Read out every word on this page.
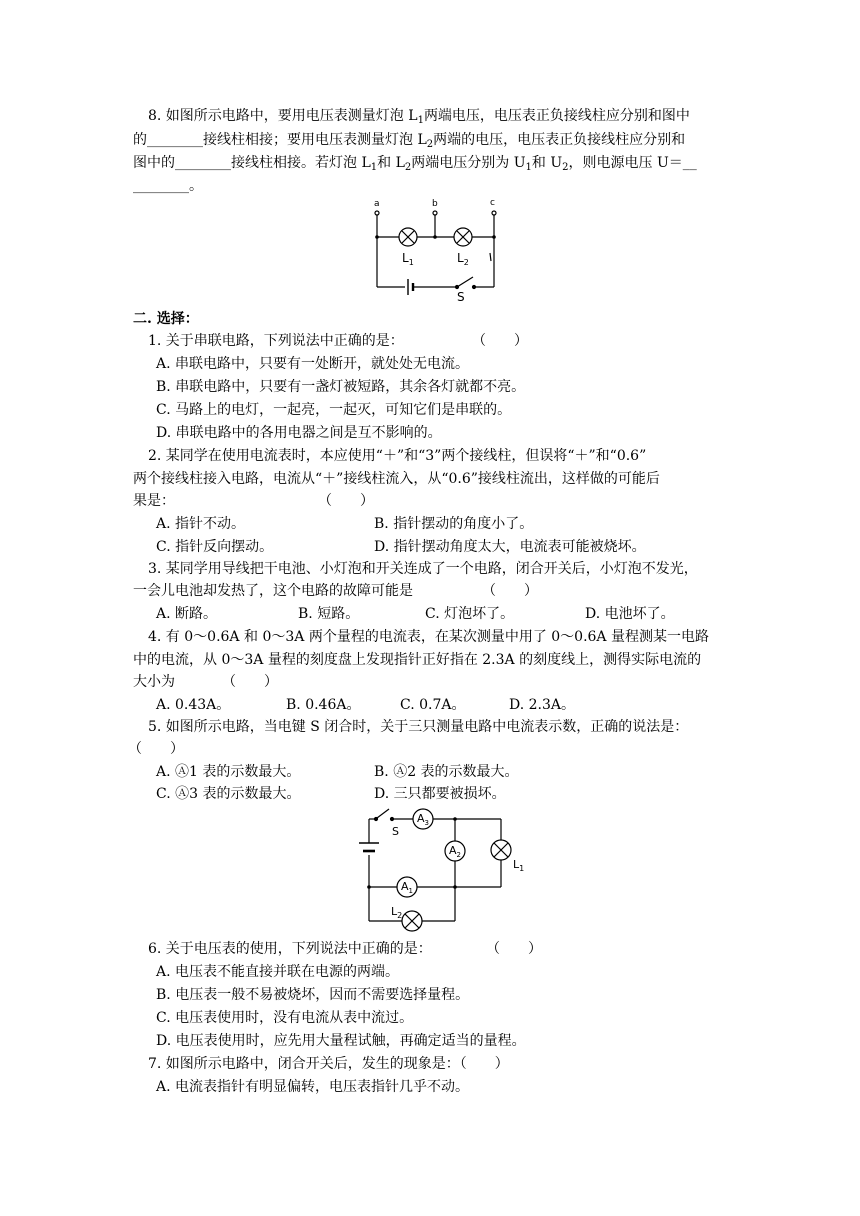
8. 如图所示电路中，要用电压表测量灯泡 $L_1$两端电压，电压表正负接线柱应分别和图中
的________接线柱相接；要用电压表测量灯泡 $L_2$两端的电压，电压表正负接线柱应分别和
图中的________接线柱相接。若灯泡 $L_1$和 $L_2$两端电压分别为 $U_1$和 $U_2$，则电源电压 U＝__
________。
a	b	c
$L_1$	$L_2$
S
二. 选择：
1. 关于串联电路，下列说法中正确的是：	（　　）
A. 串联电路中，只要有一处断开，就处处无电流。
B. 串联电路中，只要有一盏灯被短路，其余各灯就都不亮。
C. 马路上的电灯，一起亮，一起灭，可知它们是串联的。
D. 串联电路中的各用电器之间是互不影响的。
2. 某同学在使用电流表时，本应使用“＋”和“3”两个接线柱，但误将“＋”和“0.6”
两个接线柱接入电路，电流从“＋”接线柱流入，从“0.6”接线柱流出，这样做的可能后
果是：	（　　）
A. 指针不动。	B. 指针摆动的角度小了。
C. 指针反向摆动。	D. 指针摆动角度太大，电流表可能被烧坏。
3. 某同学用导线把干电池、小灯泡和开关连成了一个电路，闭合开关后，小灯泡不发光，
一会儿电池却发热了，这个电路的故障可能是	（　　）
A. 断路。	B. 短路。	C. 灯泡坏了。	D. 电池坏了。
4. 有 0～0.6A 和 0～3A 两个量程的电流表，在某次测量中用了 0～0.6A 量程测某一电路
中的电流，从 0～3A 量程的刻度盘上发现指针正好指在 2.3A 的刻度线上，测得实际电流的
大小为	（　　）
A. 0.43A。	B. 0.46A。	C. 0.7A。	D. 2.3A。
5. 如图所示电路，当电键 S 闭合时，关于三只测量电路中电流表示数，正确的说法是：
（　　）
A. Ⓐ1 表的示数最大。	B. Ⓐ2 表的示数最大。
C. Ⓐ3 表的示数最大。	D. 三只都要被损坏。
S
$A_3$
$A_2$
$A_1$
$L_1$
$L_2$
6. 关于电压表的使用，下列说法中正确的是：	（　　）
A. 电压表不能直接并联在电源的两端。
B. 电压表一般不易被烧坏，因而不需要选择量程。
C. 电压表使用时，没有电流从表中流过。
D. 电压表使用时，应先用大量程试触，再确定适当的量程。
7. 如图所示电路中，闭合开关后，发生的现象是：（　　）
A. 电流表指针有明显偏转，电压表指针几乎不动。
